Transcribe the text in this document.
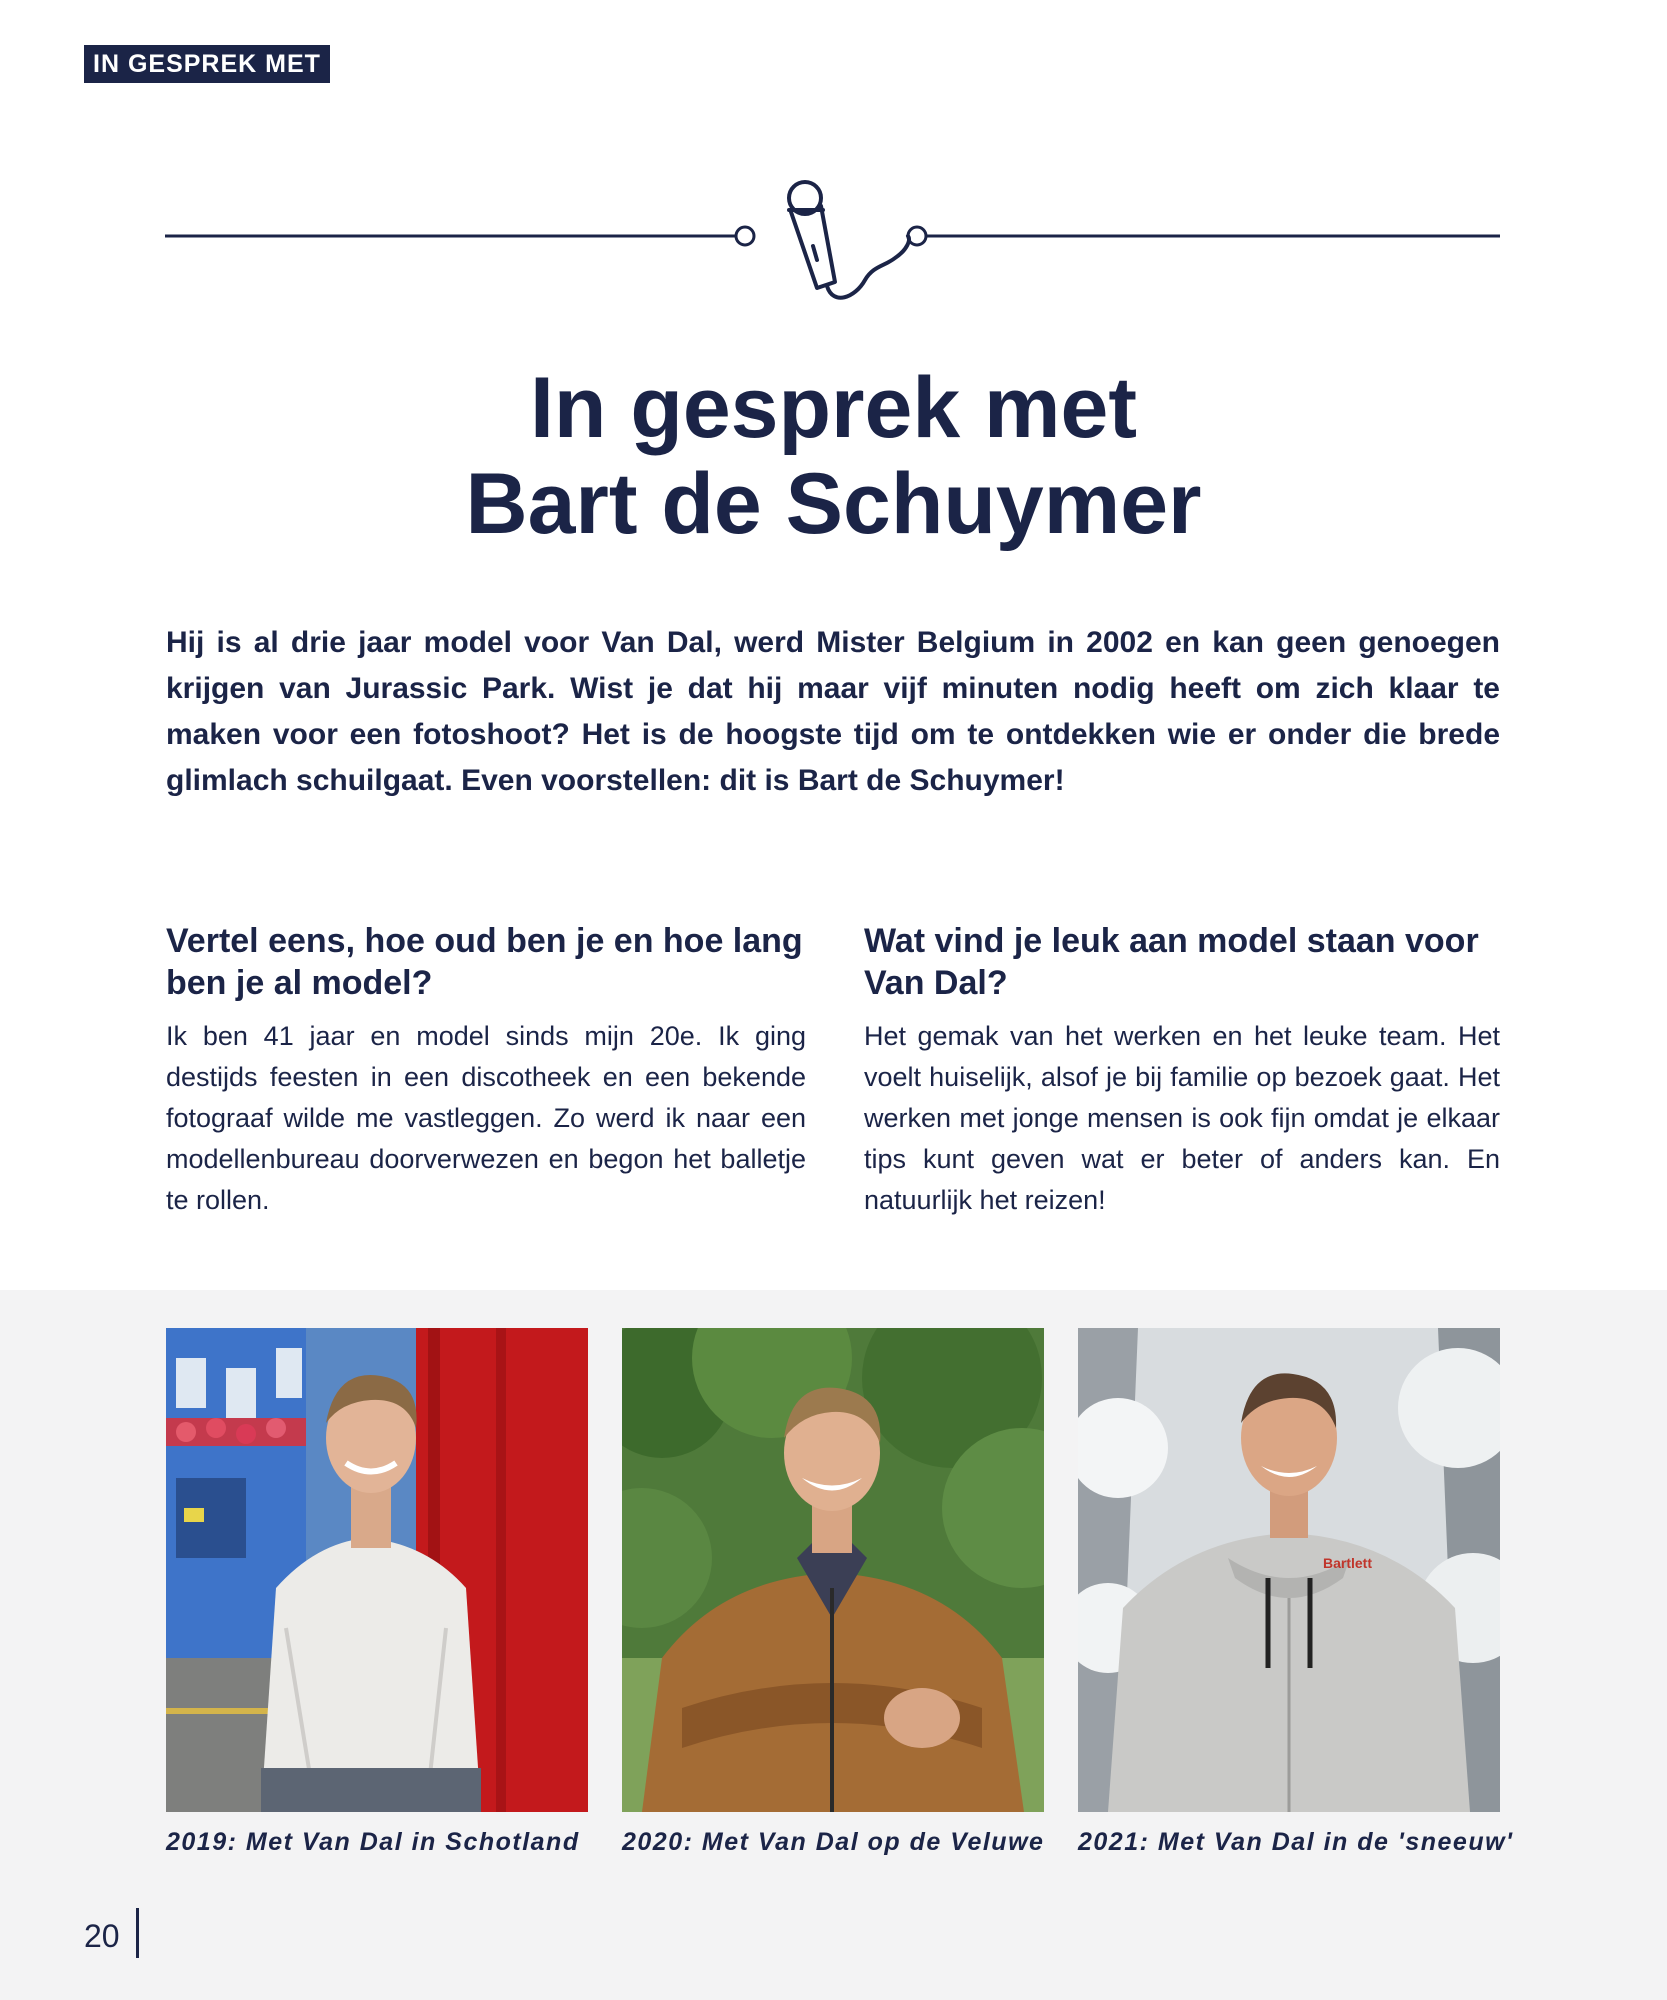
IN GESPREK MET
In gesprek met
Bart de Schuymer
Hij is al drie jaar model voor Van Dal, werd Mister Belgium in 2002 en kan geen genoegen krijgen van Jurassic Park. Wist je dat hij maar vijf minuten nodig heeft om zich klaar te maken voor een fotoshoot? Het is de hoogste tijd om te ontdekken wie er onder die brede glimlach schuilgaat. Even voorstellen: dit is Bart de Schuymer!
Vertel eens, hoe oud ben je en hoe lang ben je al model?

Ik ben 41 jaar en model sinds mijn 20e. Ik ging destijds feesten in een discotheek en een bekende fotograaf wilde me vastleggen. Zo werd ik naar een modellenbureau doorverwezen en begon het balletje te rollen.

Wat vind je leuk aan model staan voor Van Dal?

Het gemak van het werken en het leuke team. Het voelt huiselijk, alsof je bij familie op bezoek gaat. Het werken met jonge mensen is ook fijn omdat je elkaar tips kunt geven wat er beter of anders kan. En natuurlijk het reizen!

2019: Met Van Dal in Schotland	2020: Met Van Dal op de Veluwe
Bartlett
2021: Met Van Dal in de 'sneeuw'
20
